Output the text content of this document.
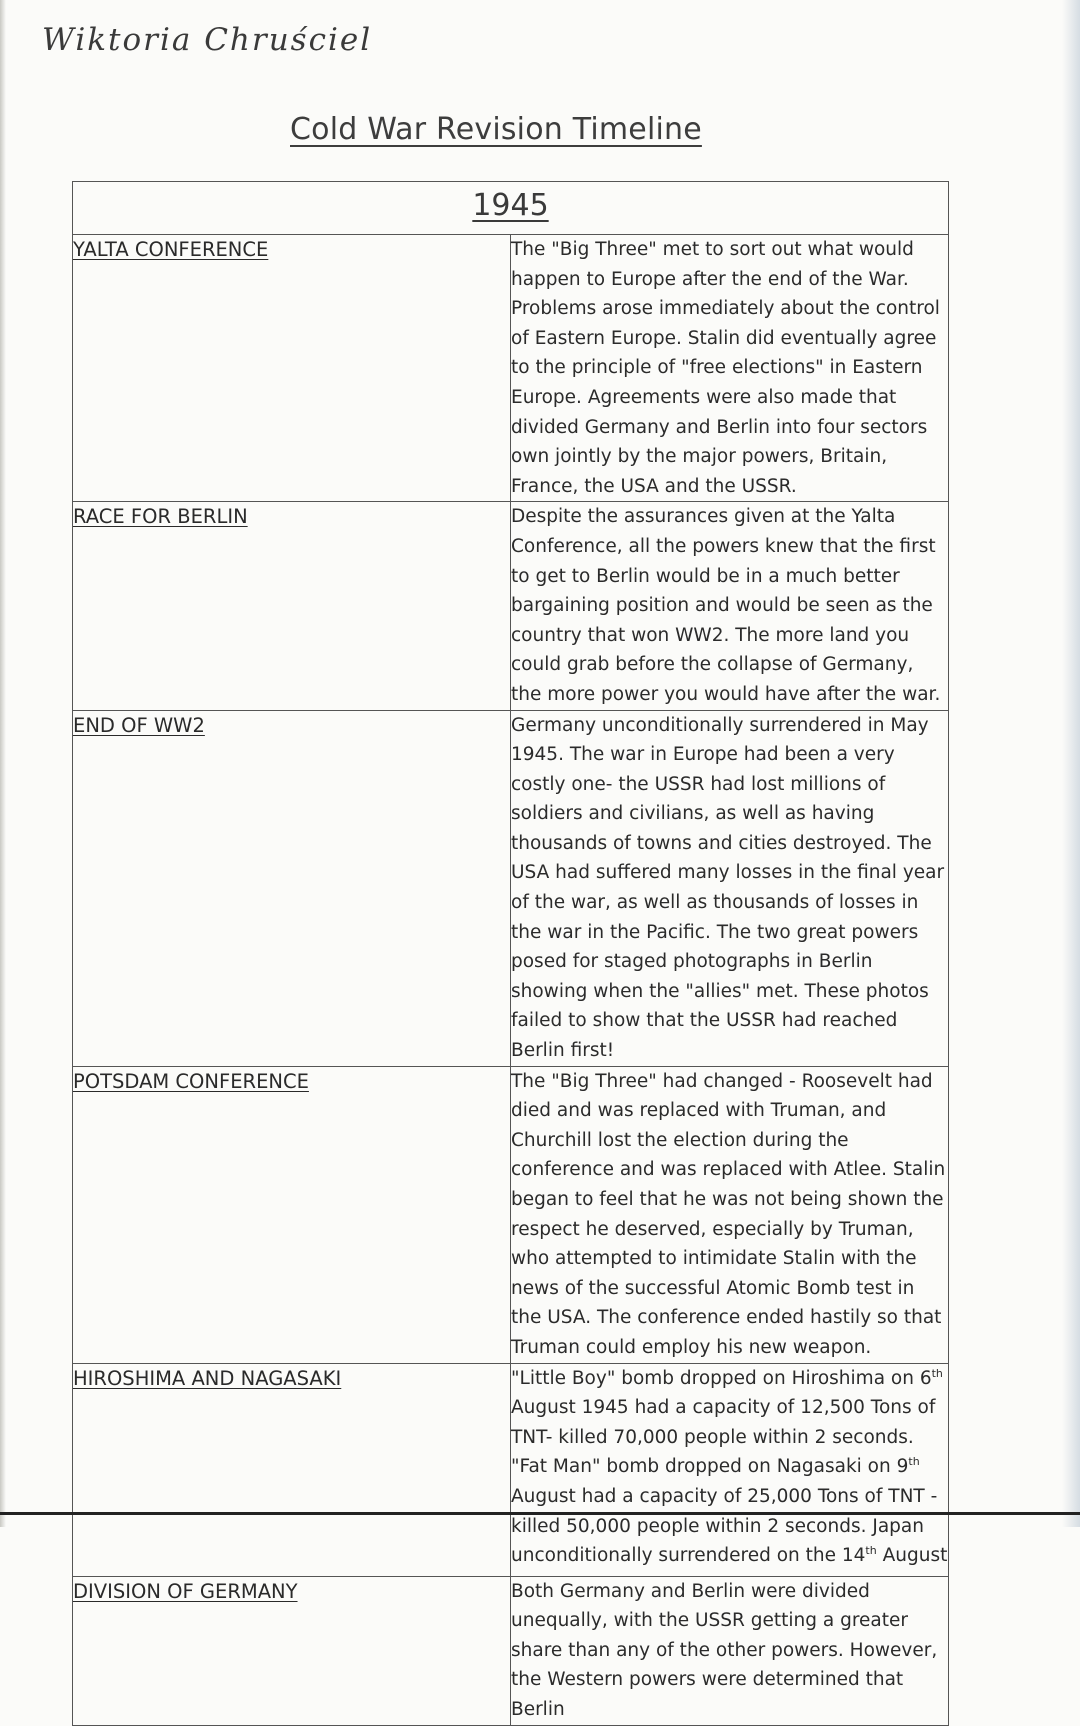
Wiktoria Chruściel
Cold War Revision Timeline
1945	
YALTA CONFERENCE	The "Big Three" met to sort out what would happen to Europe after the end of the War. Problems arose immediately about the control of Eastern Europe. Stalin did eventually agree to the principle of "free elections" in Eastern Europe. Agreements were also made that divided Germany and Berlin into four sectors own jointly by the major powers, Britain, France, the USA and the USSR.
RACE FOR BERLIN	Despite the assurances given at the Yalta Conference, all the powers knew that the first to get to Berlin would be in a much better bargaining position and would be seen as the country that won WW2. The more land you could grab before the collapse of Germany, the more power you would have after the war.
END OF WW2	Germany unconditionally surrendered in May 1945. The war in Europe had been a very costly one- the USSR had lost millions of soldiers and civilians, as well as having thousands of towns and cities destroyed. The USA had suffered many losses in the final year of the war, as well as thousands of losses in the war in the Pacific. The two great powers posed for staged photographs in Berlin showing when the "allies" met. These photos failed to show that the USSR had reached Berlin first!
POTSDAM CONFERENCE	The "Big Three" had changed - Roosevelt had died and was replaced with Truman, and Churchill lost the election during the conference and was replaced with Atlee. Stalin began to feel that he was not being shown the respect he deserved, especially by Truman, who attempted to intimidate Stalin with the news of the successful Atomic Bomb test in the USA. The conference ended hastily so that Truman could employ his new weapon.
HIROSHIMA AND NAGASAKI	"Little Boy" bomb dropped on Hiroshima on 6th August 1945 had a capacity of 12,500 Tons of TNT- killed 70,000 people within 2 seconds.
"Fat Man" bomb dropped on Nagasaki on 9th August had a capacity of 25,000 Tons of TNT - killed 50,000 people within 2 seconds. Japan unconditionally surrendered on the 14th August
DIVISION OF GERMANY	Both Germany and Berlin were divided unequally, with the USSR getting a greater share than any of the other powers. However, the Western powers were determined that Berlin
